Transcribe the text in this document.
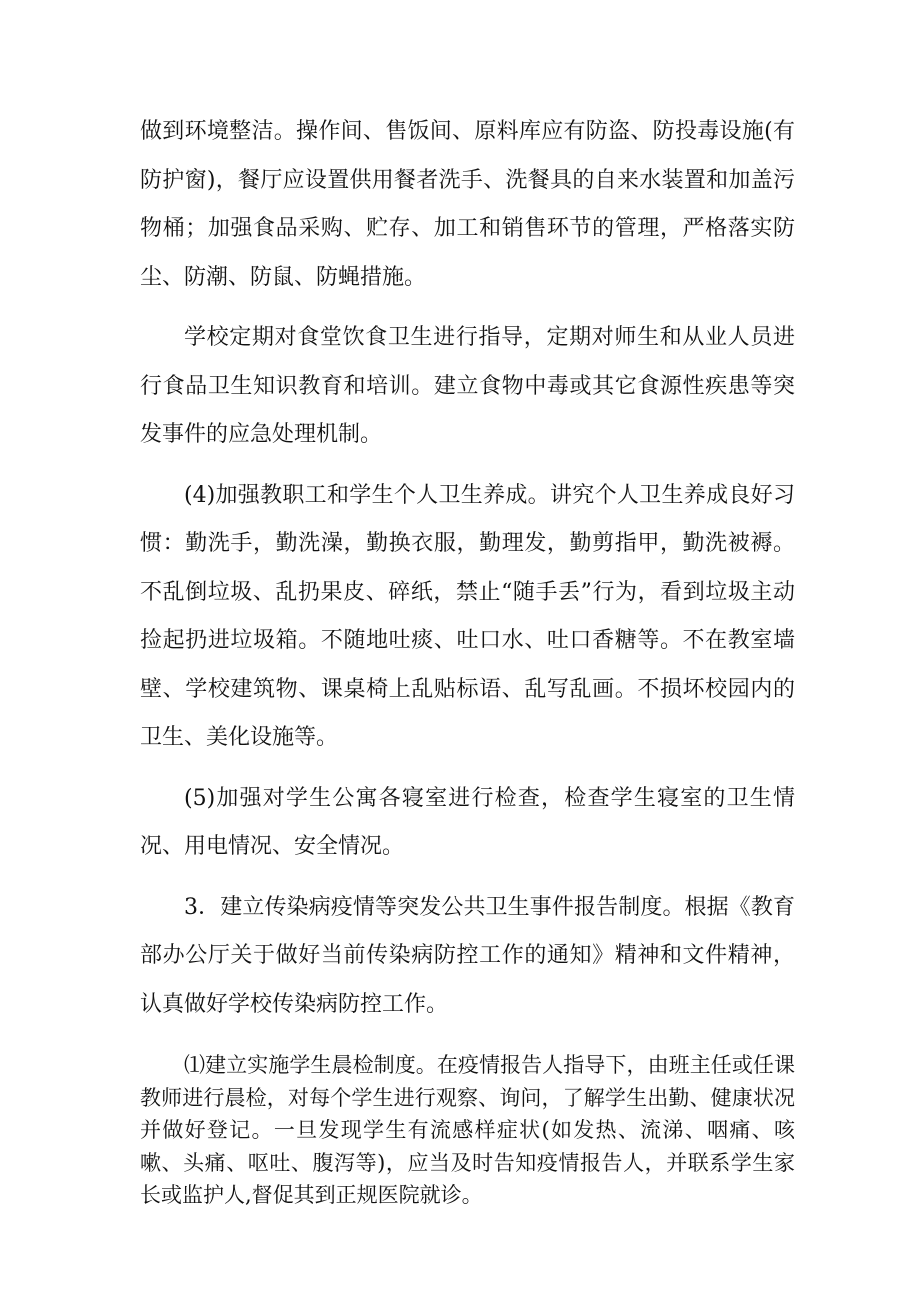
做到环境整洁。操作间、售饭间、原料库应有防盗、防投毒设施(有防护窗)，餐厅应设置供用餐者洗手、洗餐具的自来水装置和加盖污物桶；加强食品采购、贮存、加工和销售环节的管理，严格落实防尘、防潮、防鼠、防蝇措施。

学校定期对食堂饮食卫生进行指导，定期对师生和从业人员进行食品卫生知识教育和培训。建立食物中毒或其它食源性疾患等突发事件的应急处理机制。

(4)加强教职工和学生个人卫生养成。讲究个人卫生养成良好习惯：勤洗手，勤洗澡，勤换衣服，勤理发，勤剪指甲，勤洗被褥。不乱倒垃圾、乱扔果皮、碎纸，禁止“随手丢”行为，看到垃圾主动捡起扔进垃圾箱。不随地吐痰、吐口水、吐口香糖等。不在教室墙壁、学校建筑物、课桌椅上乱贴标语、乱写乱画。不损坏校园内的卫生、美化设施等。

(5)加强对学生公寓各寝室进行检查，检查学生寝室的卫生情况、用电情况、安全情况。

3．建立传染病疫情等突发公共卫生事件报告制度。根据《教育部办公厅关于做好当前传染病防控工作的通知》精神和文件精神，认真做好学校传染病防控工作。

⑴建立实施学生晨检制度。在疫情报告人指导下，由班主任或任课教师进行晨检，对每个学生进行观察、询问，了解学生出勤、健康状况并做好登记。一旦发现学生有流感样症状(如发热、流涕、咽痛、咳嗽、头痛、呕吐、腹泻等)，应当及时告知疫情报告人，并联系学生家长或监护人,督促其到正规医院就诊。
